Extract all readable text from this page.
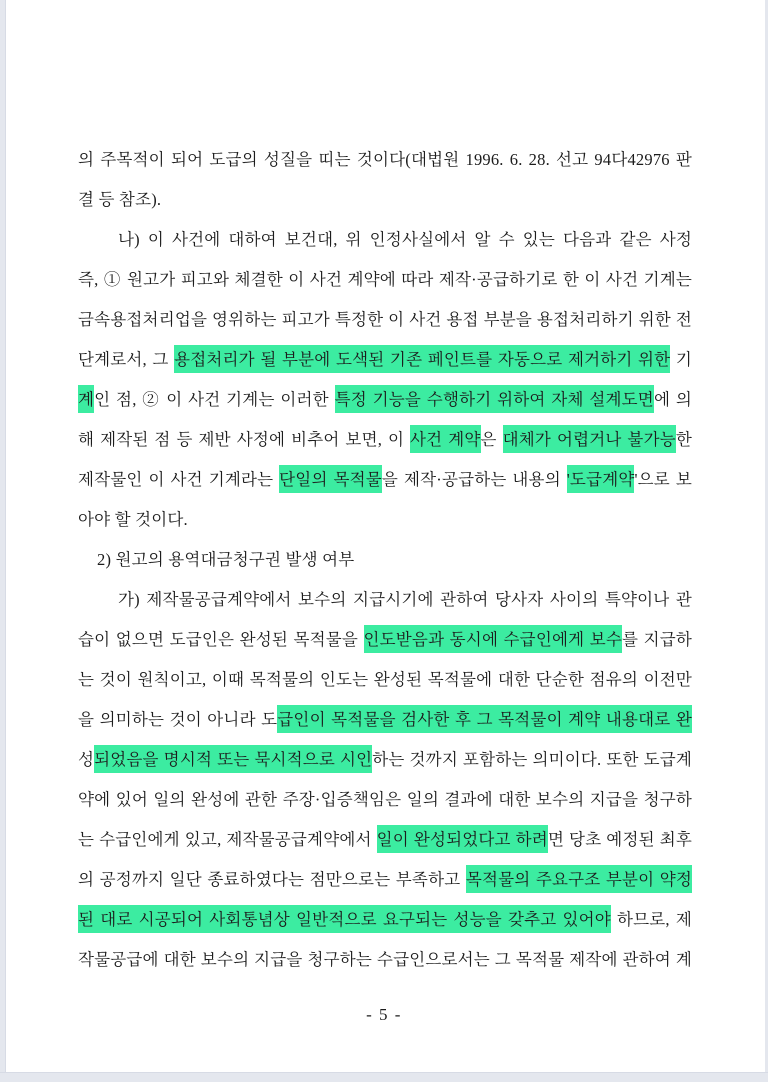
의 주목적이 되어 도급의 성질을 띠는 것이다(대법원 1996. 6. 28. 선고 94다42976 판
결 등 참조).
나) 이 사건에 대하여 보건대, 위 인정사실에서 알 수 있는 다음과 같은 사정
즉, ① 원고가 피고와 체결한 이 사건 계약에 따라 제작·공급하기로 한 이 사건 기계는
금속용접처리업을 영위하는 피고가 특정한 이 사건 용접 부분을 용접처리하기 위한 전
단계로서, 그 용접처리가 될 부분에 도색된 기존 페인트를 자동으로 제거하기 위한 기
계인 점, ② 이 사건 기계는 이러한 특정 기능을 수행하기 위하여 자체 설계도면에 의
해 제작된 점 등 제반 사정에 비추어 보면, 이 사건 계약은 대체가 어렵거나 불가능한
제작물인 이 사건 기계라는 단일의 목적물을 제작·공급하는 내용의 '도급계약'으로 보
아야 할 것이다.
2) 원고의 용역대금청구권 발생 여부
가) 제작물공급계약에서 보수의 지급시기에 관하여 당사자 사이의 특약이나 관
습이 없으면 도급인은 완성된 목적물을 인도받음과 동시에 수급인에게 보수를 지급하
는 것이 원칙이고, 이때 목적물의 인도는 완성된 목적물에 대한 단순한 점유의 이전만
을 의미하는 것이 아니라 도급인이 목적물을 검사한 후 그 목적물이 계약 내용대로 완
성되었음을 명시적 또는 묵시적으로 시인하는 것까지 포함하는 의미이다. 또한 도급계
약에 있어 일의 완성에 관한 주장·입증책임은 일의 결과에 대한 보수의 지급을 청구하
는 수급인에게 있고, 제작물공급계약에서 일이 완성되었다고 하려면 당초 예정된 최후
의 공정까지 일단 종료하였다는 점만으로는 부족하고 목적물의 주요구조 부분이 약정
된 대로 시공되어 사회통념상 일반적으로 요구되는 성능을 갖추고 있어야 하므로, 제
작물공급에 대한 보수의 지급을 청구하는 수급인으로서는 그 목적물 제작에 관하여 계
- 5 -
